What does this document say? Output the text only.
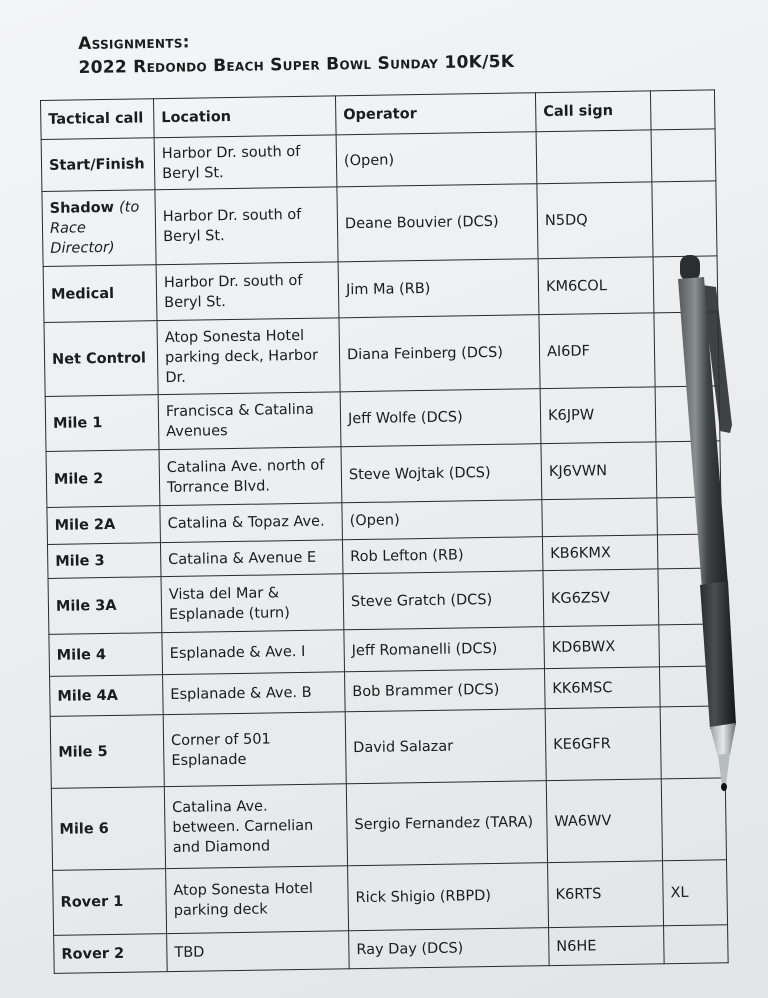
Assignments:
2022 Redondo Beach Super Bowl Sunday 10K/5K
Tactical call	Location	Operator	Call sign	
Start/Finish	Harbor Dr. south of Beryl St.	(Open)		
Shadow (to Race Director)	Harbor Dr. south of Beryl St.	Deane Bouvier (DCS)	N5DQ	
Medical	Harbor Dr. south of Beryl St.	Jim Ma (RB)	KM6COL	
Net Control	Atop Sonesta Hotel parking deck, Harbor Dr.	Diana Feinberg (DCS)	AI6DF	
Mile 1	Francisca & Catalina Avenues	Jeff Wolfe (DCS)	K6JPW	
Mile 2	Catalina Ave. north of Torrance Blvd.	Steve Wojtak (DCS)	KJ6VWN	
Mile 2A	Catalina & Topaz Ave.	(Open)		
Mile 3	Catalina & Avenue E	Rob Lefton (RB)	KB6KMX	
Mile 3A	Vista del Mar & Esplanade (turn)	Steve Gratch (DCS)	KG6ZSV	
Mile 4	Esplanade & Ave. I	Jeff Romanelli (DCS)	KD6BWX	
Mile 4A	Esplanade & Ave. B	Bob Brammer (DCS)	KK6MSC	
Mile 5	Corner of 501 Esplanade	David Salazar	KE6GFR	
Mile 6	Catalina Ave. between. Carnelian and Diamond	Sergio Fernandez (TARA)	WA6WV	
Rover 1	Atop Sonesta Hotel parking deck	Rick Shigio (RBPD)	K6RTS	XL
Rover 2	TBD	Ray Day (DCS)	N6HE	
